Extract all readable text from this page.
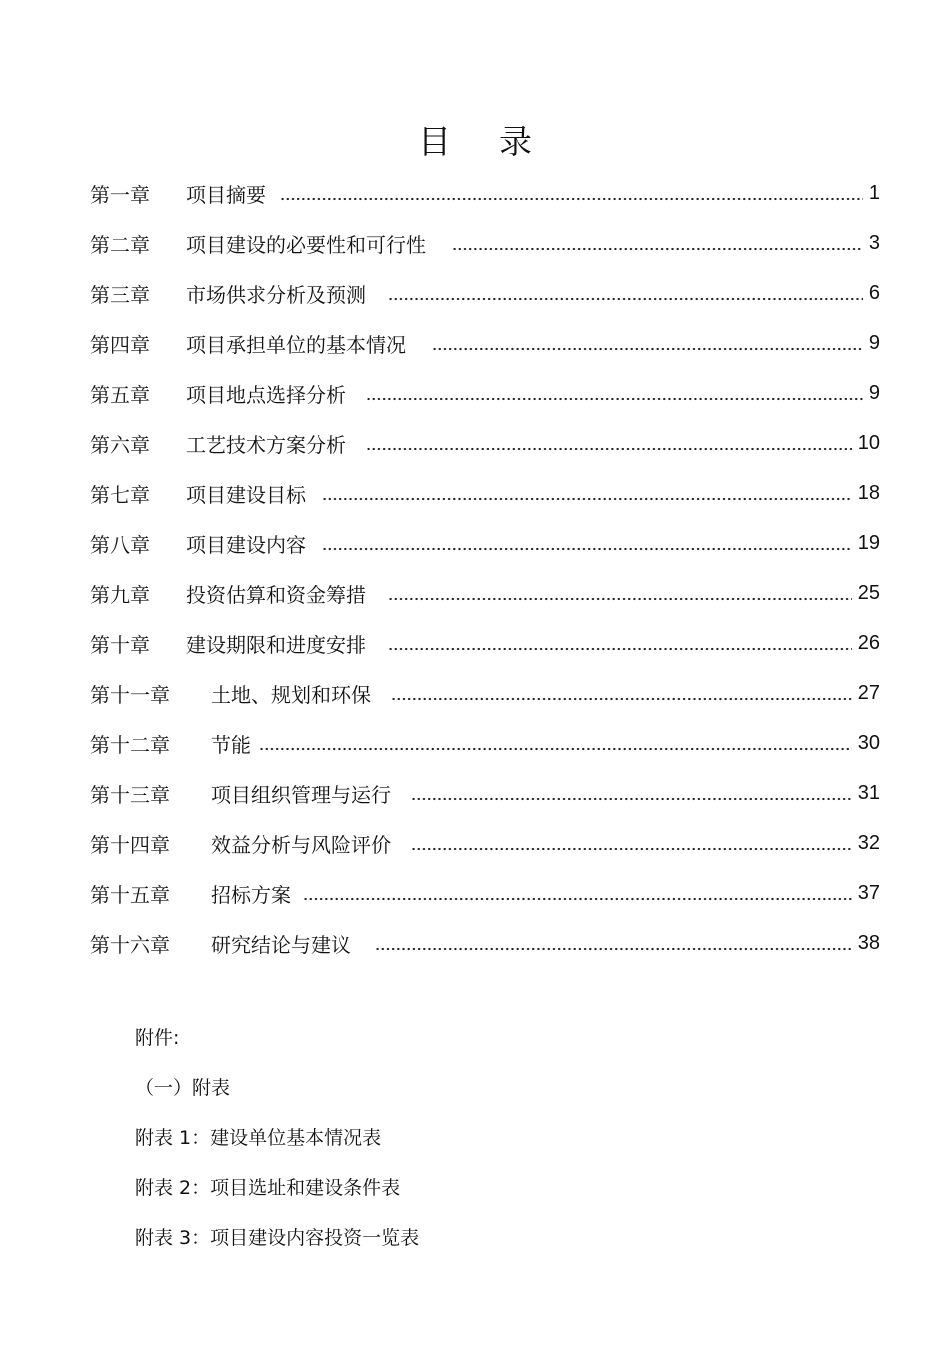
目录
第一章	项目摘要	1
第二章	项目建设的必要性和可行性	3
第三章	市场供求分析及预测	6
第四章	项目承担单位的基本情况	9
第五章	项目地点选择分析	9
第六章	工艺技术方案分析	10
第七章	项目建设目标	18
第八章	项目建设内容	19
第九章	投资估算和资金筹措	25
第十章	建设期限和进度安排	26
第十一章	土地、规划和环保	27
第十二章	节能	30
第十三章	项目组织管理与运行	31
第十四章	效益分析与风险评价	32
第十五章	招标方案	37
第十六章	研究结论与建议	38
附件:
（一）附表
附表 1：建设单位基本情况表
附表 2：项目选址和建设条件表
附表 3：项目建设内容投资一览表
